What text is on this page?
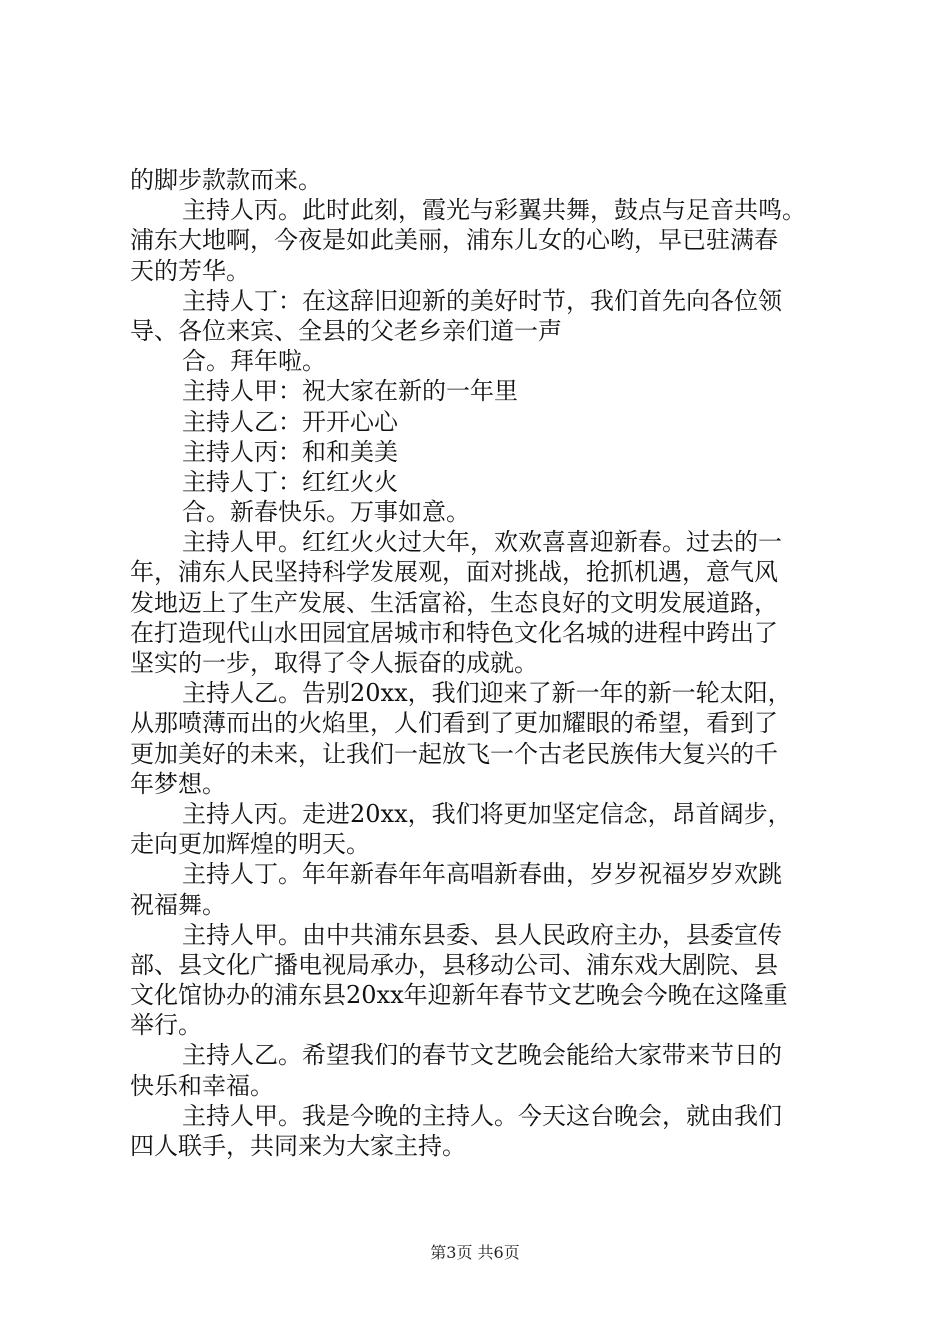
的脚步款款而来。
主持人丙。此时此刻，霞光与彩翼共舞，鼓点与足音共鸣。
浦东大地啊，今夜是如此美丽，浦东儿女的心哟，早已驻满春
天的芳华。
主持人丁：在这辞旧迎新的美好时节，我们首先向各位领
导、各位来宾、全县的父老乡亲们道一声
合。拜年啦。
主持人甲：祝大家在新的一年里
主持人乙：开开心心
主持人丙：和和美美
主持人丁：红红火火
合。新春快乐。万事如意。
主持人甲。红红火火过大年，欢欢喜喜迎新春。过去的一
年，浦东人民坚持科学发展观，面对挑战，抢抓机遇，意气风
发地迈上了生产发展、生活富裕，生态良好的文明发展道路，
在打造现代山水田园宜居城市和特色文化名城的进程中跨出了
坚实的一步，取得了令人振奋的成就。
主持人乙。告别20xx，我们迎来了新一年的新一轮太阳，
从那喷薄而出的火焰里，人们看到了更加耀眼的希望，看到了
更加美好的未来，让我们一起放飞一个古老民族伟大复兴的千
年梦想。
主持人丙。走进20xx，我们将更加坚定信念，昂首阔步，
走向更加辉煌的明天。
主持人丁。年年新春年年高唱新春曲，岁岁祝福岁岁欢跳
祝福舞。
主持人甲。由中共浦东县委、县人民政府主办，县委宣传
部、县文化广播电视局承办，县移动公司、浦东戏大剧院、县
文化馆协办的浦东县20xx年迎新年春节文艺晚会今晚在这隆重
举行。
主持人乙。希望我们的春节文艺晚会能给大家带来节日的
快乐和幸福。
主持人甲。我是今晚的主持人。今天这台晚会，就由我们
四人联手，共同来为大家主持。
第3页 共6页
